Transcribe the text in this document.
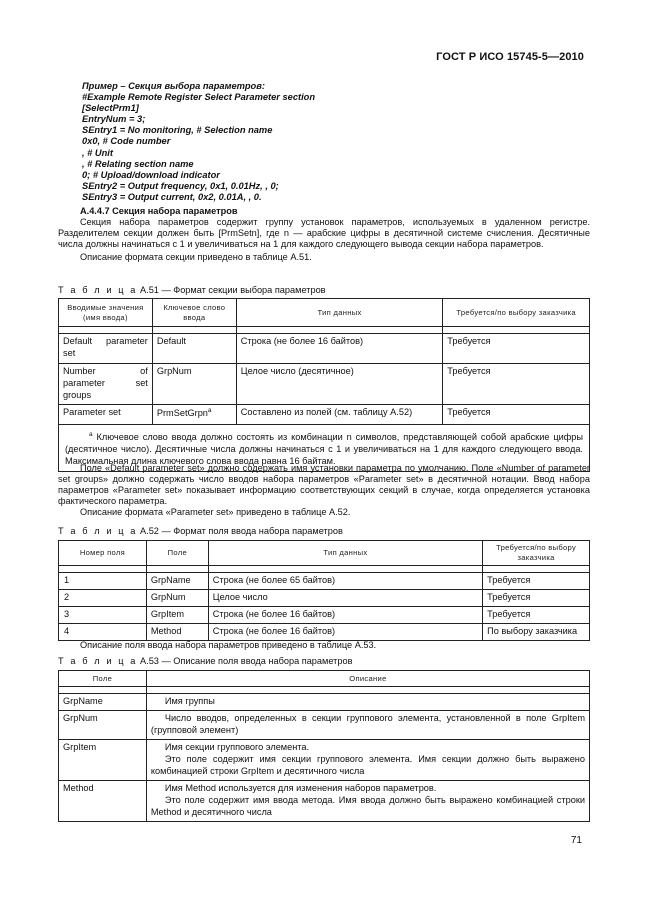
ГОСТ Р ИСО 15745-5—2010
Пример – Секция выбора параметров:
#Example Remote Register Select Parameter section
[SelectPrm1]
EntryNum = 3;
SEntry1 = No monitoring, # Selection name
0x0, # Code number
, # Unit
, # Relating section name
0; # Upload/download indicator
SEntry2 = Output frequency, 0x1, 0.01Hz, , 0;
SEntry3 = Output current, 0x2, 0.01A, , 0.

A.4.4.7 Секция набора параметров

Секция набора параметров содержит группу установок параметров, используемых в удаленном регистре. Разделителем секции должен быть [PrmSetn], где n — арабские цифры в десятичной системе счисления. Десятичные числа должны начинаться с 1 и увеличиваться на 1 для каждого следующего вывода секции набора параметров.

Описание формата секции приведено в таблице A.51.

Т а б л и ц а A.51 — Формат секции выбора параметров
Вводимые значения (имя ввода)	Ключевое слово ввода	Тип данных	Требуется/по выбору заказчика

Default parameter set	Default	Строка (не более 16 байтов)	Требуется
Number of parameter set groups	GrpNum	Целое число (десятичное)	Требуется
Parameter set	PrmSetGrpn$^a$	Составлено из полей (см. таблицу A.52)	Требуется

$^a$ Ключевое слово ввода должно состоять из комбинации n символов, представляющей собой арабские цифры (десятичное число). Десятичные числа должны начинаться с 1 и увеличиваться на 1 для каждого следующего ввода. Максимальная длина ключевого слова ввода равна 16 байтам.			

Поле «Default parameter set» должно содержать имя установки параметра по умолчанию. Поле «Number of parameter set groups» должно содержать число вводов набора параметров «Parameter set» в десятичной нотации. Ввод набора параметров «Parameter set» показывает информацию соответствующих секций в случае, когда определяется установка фактического параметра.

Описание формата «Parameter set» приведено в таблице A.52.

Т а б л и ц а A.52 — Формат поля ввода набора параметров
Номер поля	Поле	Тип данных	Требуется/по выбору заказчика

1	GrpName	Строка (не более 65 байтов)	Требуется
2	GrpNum	Целое число	Требуется
3	GrpItem	Строка (не более 16 байтов)	Требуется
4	Method	Строка (не более 16 байтов)	По выбору заказчика

Описание поля ввода набора параметров приведено в таблице A.53.

Т а б л и ц а A.53 — Описание поля ввода набора параметров
Поле	Описание

GrpName	Имя группы
GrpNum	Число вводов, определенных в секции группового элемента, установленной в поле GrpItem (групповой элемент)
GrpItem	Имя секции группового элемента.
Это поле содержит имя секции группового элемента. Имя секции должно быть выражено комбинацией строки GrpItem и десятичного числа

Method	Имя Method используется для изменения наборов параметров.
Это поле содержит имя ввода метода. Имя ввода должно быть выражено комбинацией строки Method и десятичного числа
71
